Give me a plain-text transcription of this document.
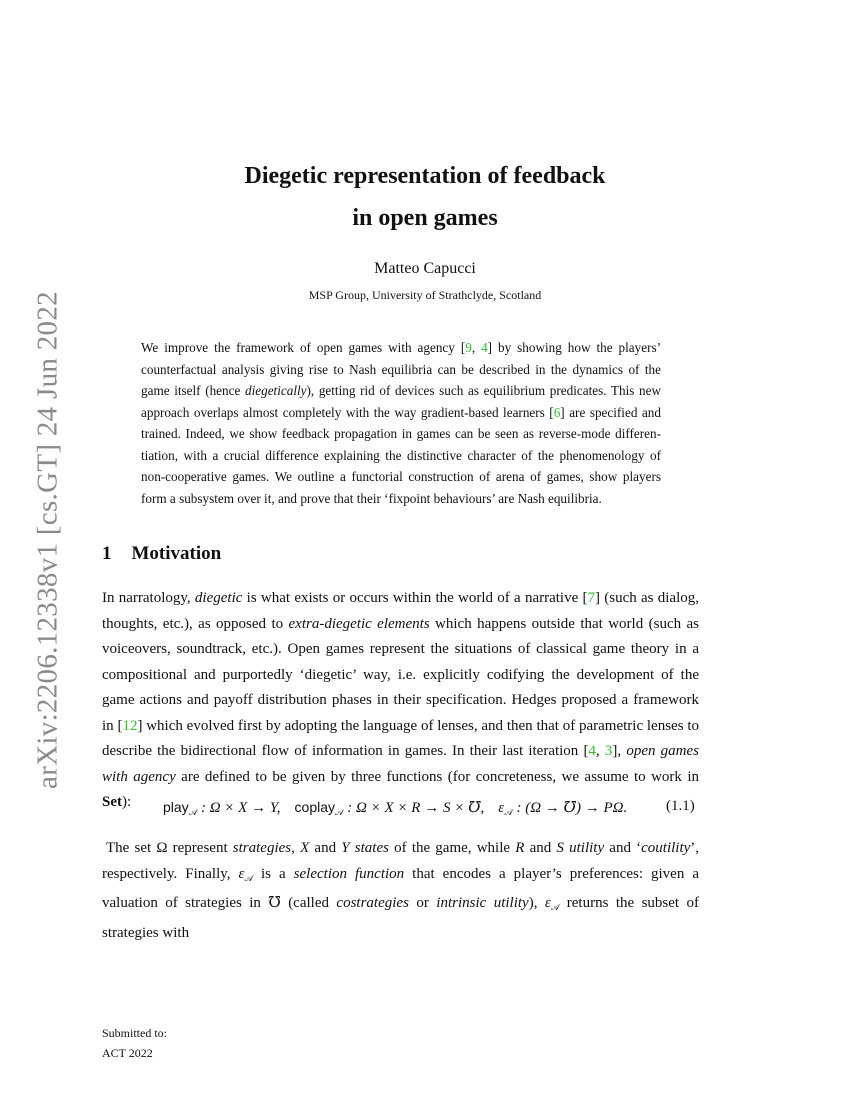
arXiv:2206.12338v1 [cs.GT] 24 Jun 2022
Diegetic representation of feedback
in open games
Matteo Capucci
MSP Group, University of Strathclyde, Scotland
We improve the framework of open games with agency [9, 4] by showing how the players’ counterfactual analysis giving rise to Nash equilibria can be described in the dynamics of the game itself (hence diegetically), getting rid of devices such as equilibrium predicates. This new approach overlaps almost completely with the way gradient-based learners [6] are specified and trained. Indeed, we show feedback propagation in games can be seen as reverse-mode differentiation, with a crucial difference explaining the distinctive character of the phenomenology of non-cooperative games. We outline a functorial construction of arena of games, show players form a subsystem over it, and prove that their ‘fixpoint behaviours’ are Nash equilibria.
1 Motivation
In narratology, diegetic is what exists or occurs within the world of a narrative [7] (such as dialog, thoughts, etc.), as opposed to extra-diegetic elements which happens outside that world (such as voiceovers, soundtrack, etc.). Open games represent the situations of classical game theory in a compositional and purportedly ‘diegetic’ way, i.e. explicitly codifying the development of the game actions and payoff distribution phases in their specification. Hedges proposed a framework in [12] which evolved first by adopting the language of lenses, and then that of parametric lenses to describe the bidirectional flow of information in games. In their last iteration [4, 3], open games with agency are defined to be given by three functions (for concreteness, we assume to work in Set):	play$_𝒜$ : Ω × X → Y, coplay$_𝒜$ : Ω × X × R → S × ℧, $\varepsilon_𝒜$ : (Ω → ℧) → PΩ.	(1.1)
The set Ω represent strategies, X and Y states of the game, while R and S utility and ‘coutility’, respectively. Finally, $\varepsilon_𝒜$ is a selection function that encodes a player’s preferences: given a valuation of strategies in ℧ (called costrategies or intrinsic utility), $\varepsilon_𝒜$ returns the subset of strategies with
Submitted to:
ACT 2022
